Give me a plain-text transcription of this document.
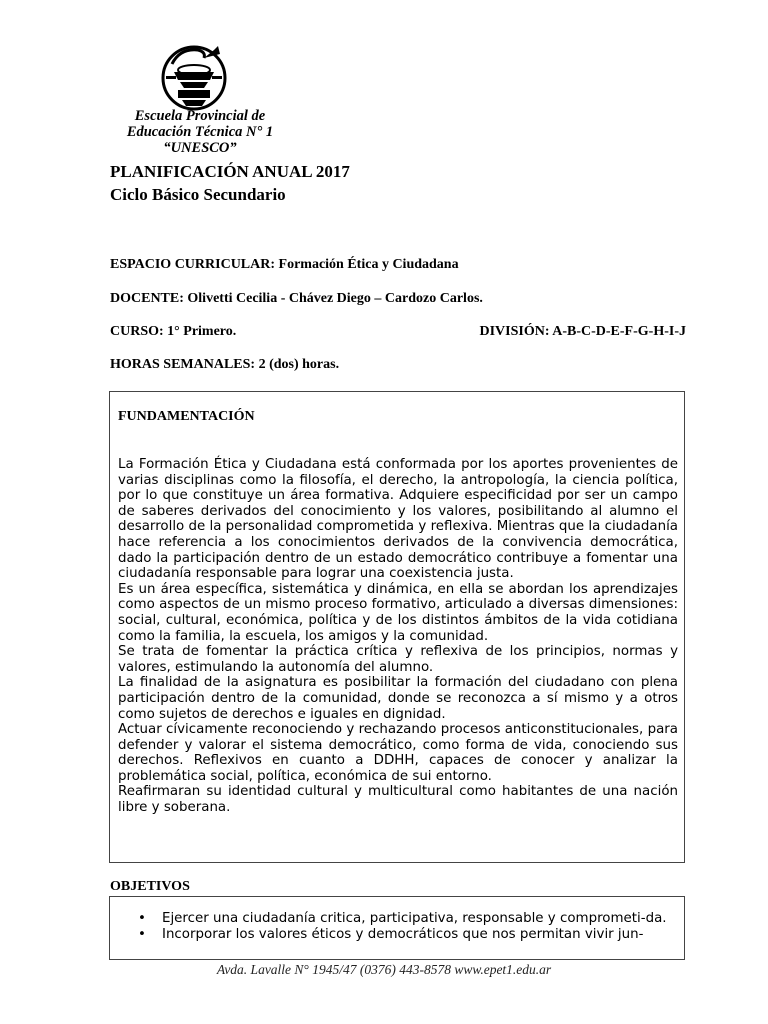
Escuela Provincial de
Educación Técnica N° 1
“UNESCO”
PLANIFICACIÓN ANUAL 2017
Ciclo Básico Secundario
ESPACIO CURRICULAR: Formación Ética y Ciudadana
DOCENTE: Olivetti Cecilia - Chávez Diego – Cardozo Carlos.
CURSO: 1° Primero.	DIVISIÓN: A-B-C-D-E-F-G-H-I-J
HORAS SEMANALES: 2 (dos) horas.
FUNDAMENTACIÓN

La Formación Ética y Ciudadana está conformada por los aportes provenientes de varias disciplinas como la filosofía, el derecho, la antropología, la ciencia política, por lo que constituye un área formativa. Adquiere especificidad por ser un campo de saberes derivados del conocimiento y los valores, posibilitando al alumno el desarrollo de la personalidad comprometida y reflexiva. Mientras que la ciudadanía hace referencia a los conocimientos derivados de la convivencia democrática, dado la participación dentro de un estado democrático contribuye a fomentar una ciudadanía responsable para lograr una coexistencia justa.

Es un área específica, sistemática y dinámica, en ella se abordan los aprendizajes como aspectos de un mismo proceso formativo, articulado a diversas dimensiones: social, cultural, económica, política y de los distintos ámbitos de la vida cotidiana como la familia, la escuela, los amigos y la comunidad.

Se trata de fomentar la práctica crítica y reflexiva de los principios, normas y valores, estimulando la autonomía del alumno.

La finalidad de la asignatura es posibilitar la formación del ciudadano con plena participación dentro de la comunidad, donde se reconozca a sí mismo y a otros como sujetos de derechos e iguales en dignidad.

Actuar cívicamente reconociendo y rechazando procesos anticonstitucionales, para defender y valorar el sistema democrático, como forma de vida, conociendo sus derechos. Reflexivos en cuanto a DDHH, capaces de conocer y analizar la problemática social, política, económica de sui entorno.

Reafirmaran su identidad cultural y multicultural como habitantes de una nación libre y soberana.

OBJETIVOS
• Ejercer una ciudadanía critica, participativa, responsable y comprometi-da.
• Incorporar los valores éticos y democráticos que nos permitan vivir jun-
Avda. Lavalle N° 1945/47 (0376) 443-8578 www.epet1.edu.ar
